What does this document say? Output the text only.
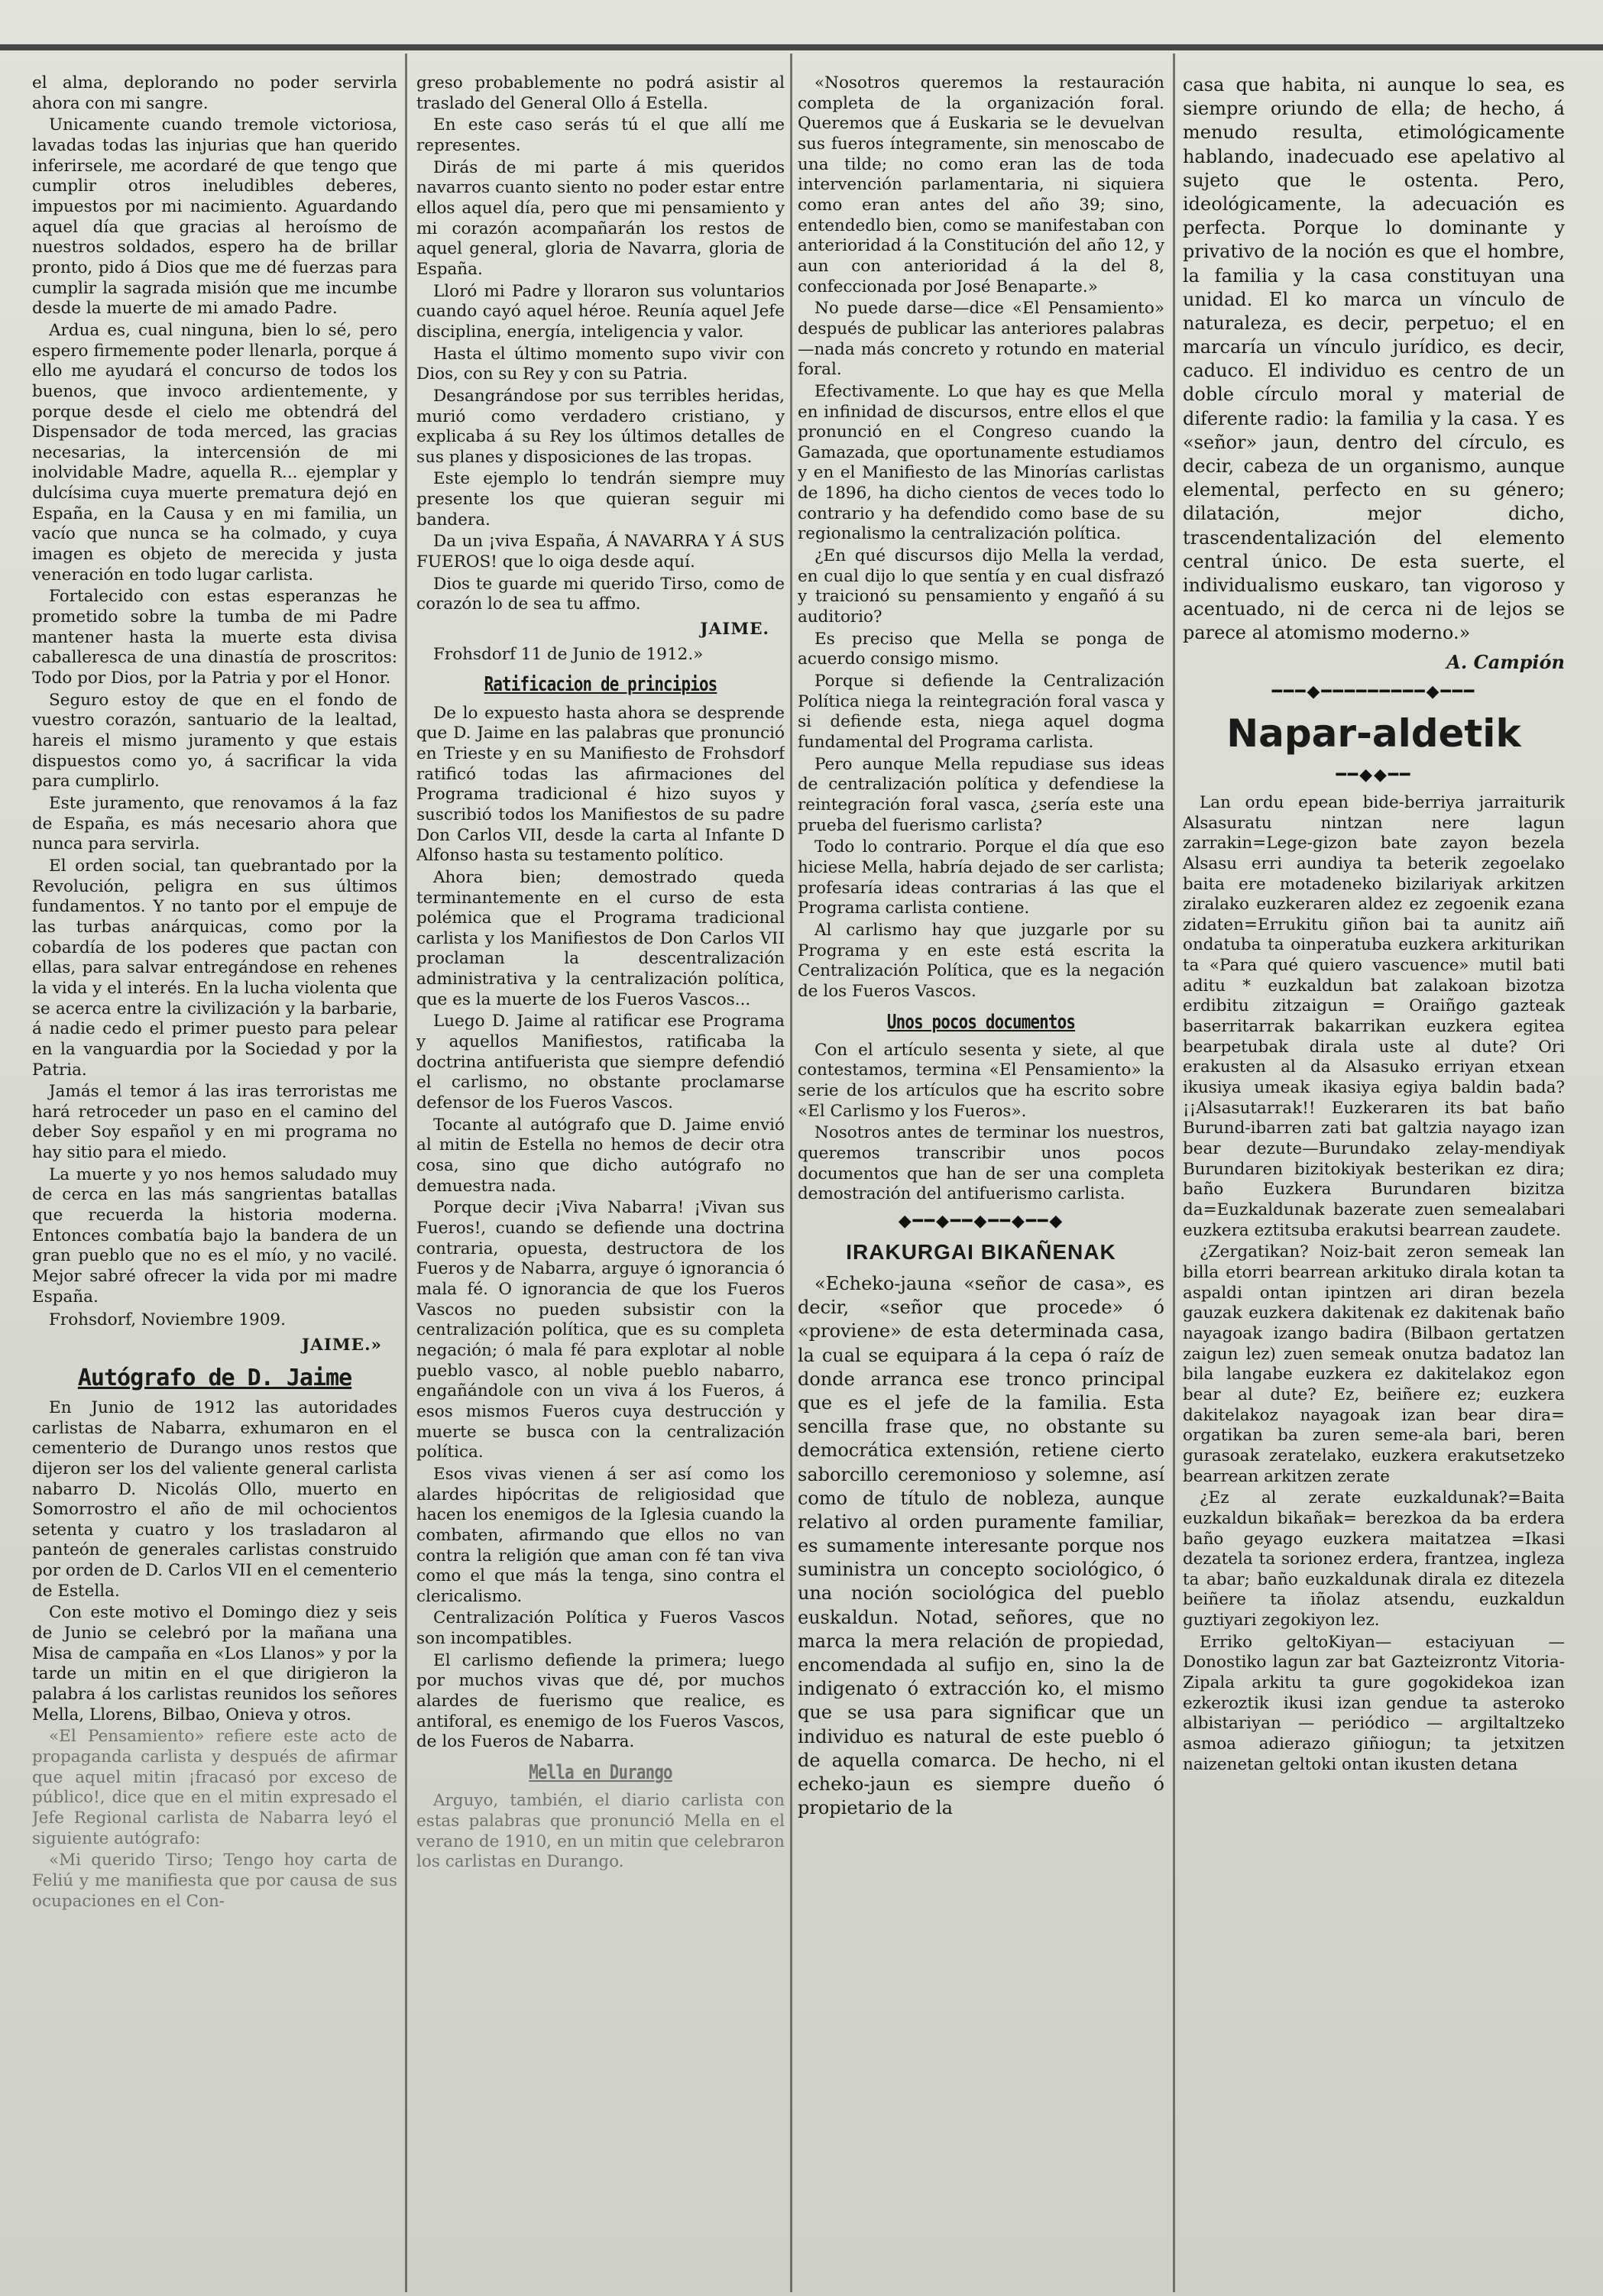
el alma, deplorando no poder servirla ahora con mi sangre.

Unicamente cuando tremole victoriosa, lavadas todas las injurias que han querido inferirsele, me acordaré de que tengo que cumplir otros ineludibles deberes, impuestos por mi nacimiento. Aguardando aquel día que gracias al heroísmo de nuestros soldados, espero ha de brillar pronto, pido á Dios que me dé fuerzas para cumplir la sagrada misión que me incumbe desde la muerte de mi amado Padre.

Ardua es, cual ninguna, bien lo sé, pero espero firmemente poder llenarla, porque á ello me ayudará el concurso de todos los buenos, que invoco ardientemente, y porque desde el cielo me obtendrá del Dispensador de toda merced, las gracias necesarias, la intercensión de mi inolvidable Madre, aquella R... ejemplar y dulcísima cuya muerte prematura dejó en España, en la Causa y en mi familia, un vacío que nunca se ha colmado, y cuya imagen es objeto de merecida y justa veneración en todo lugar carlista.

Fortalecido con estas esperanzas he prometido sobre la tumba de mi Padre mantener hasta la muerte esta divisa caballeresca de una dinastía de proscritos: Todo por Dios, por la Patria y por el Honor.

Seguro estoy de que en el fondo de vuestro corazón, santuario de la lealtad, hareis el mismo juramento y que estais dispuestos como yo, á sacrificar la vida para cumplirlo.

Este juramento, que renovamos á la faz de España, es más necesario ahora que nunca para servirla.

El orden social, tan quebrantado por la Revolución, peligra en sus últimos fundamentos. Y no tanto por el empuje de las turbas anárquicas, como por la cobardía de los poderes que pactan con ellas, para salvar entregándose en rehenes la vida y el interés. En la lucha violenta que se acerca entre la civilización y la barbarie, á nadie cedo el primer puesto para pelear en la vanguardia por la Sociedad y por la Patria.

Jamás el temor á las iras terroristas me hará retroceder un paso en el camino del deber Soy español y en mi programa no hay sitio para el miedo.

La muerte y yo nos hemos saludado muy de cerca en las más sangrientas batallas que recuerda la historia moderna. Entonces combatía bajo la bandera de un gran pueblo que no es el mío, y no vacilé. Mejor sabré ofrecer la vida por mi madre España.

Frohsdorf, Noviembre 1909.

JAIME.»

Autógrafo de D. Jaime

En Junio de 1912 las autoridades carlistas de Nabarra, exhumaron en el cementerio de Durango unos restos que dijeron ser los del valiente general carlista nabarro D. Nicolás Ollo, muerto en Somorrostro el año de mil ochocientos setenta y cuatro y los trasladaron al panteón de generales carlistas construido por orden de D. Carlos VII en el cementerio de Estella.

Con este motivo el Domingo diez y seis de Junio se celebró por la mañana una Misa de campaña en «Los Llanos» y por la tarde un mitin en el que dirigieron la palabra á los carlistas reunidos los señores Mella, Llorens, Bilbao, Onieva y otros.

«El Pensamiento» refiere este acto de propaganda carlista y después de afirmar que aquel mitin ¡fracasó por exceso de público!, dice que en el mitin expresado el Jefe Regional carlista de Nabarra leyó el siguiente autógrafo:

«Mi querido Tirso; Tengo hoy carta de Feliú y me manifiesta que por causa de sus ocupaciones en el Con-

greso probablemente no podrá asistir al traslado del General Ollo á Estella.

En este caso serás tú el que allí me representes.

Dirás de mi parte á mis queridos navarros cuanto siento no poder estar entre ellos aquel día, pero que mi pensamiento y mi corazón acompañarán los restos de aquel general, gloria de Navarra, gloria de España.

Lloró mi Padre y lloraron sus voluntarios cuando cayó aquel héroe. Reunía aquel Jefe disciplina, energía, inteligencia y valor.

Hasta el último momento supo vivir con Dios, con su Rey y con su Patria.

Desangrándose por sus terribles heridas, murió como verdadero cristiano, y explicaba á su Rey los últimos detalles de sus planes y disposiciones de las tropas.

Este ejemplo lo tendrán siempre muy presente los que quieran seguir mi bandera.

Da un ¡viva España, Á NAVARRA Y Á SUS FUEROS! que lo oiga desde aquí.

Dios te guarde mi querido Tirso, como de corazón lo de sea tu affmo.

JAIME.

Frohsdorf 11 de Junio de 1912.»

Ratificacion de principios

De lo expuesto hasta ahora se desprende que D. Jaime en las palabras que pronunció en Trieste y en su Manifiesto de Frohsdorf ratificó todas las afirmaciones del Programa tradicional é hizo suyos y suscribió todos los Manifiestos de su padre Don Carlos VII, desde la carta al Infante D Alfonso hasta su testamento político.

Ahora bien; demostrado queda terminantemente en el curso de esta polémica que el Programa tradicional carlista y los Manifiestos de Don Carlos VII proclaman la descentralización administrativa y la centralización política, que es la muerte de los Fueros Vascos...

Luego D. Jaime al ratificar ese Programa y aquellos Manifiestos, ratificaba la doctrina antifuerista que siempre defendió el carlismo, no obstante proclamarse defensor de los Fueros Vascos.

Tocante al autógrafo que D. Jaime envió al mitin de Estella no hemos de decir otra cosa, sino que dicho autógrafo no demuestra nada.

Porque decir ¡Viva Nabarra! ¡Vivan sus Fueros!, cuando se defiende una doctrina contraria, opuesta, destructora de los Fueros y de Nabarra, arguye ó ignorancia ó mala fé. O ignorancia de que los Fueros Vascos no pueden subsistir con la centralización política, que es su completa negación; ó mala fé para explotar al noble pueblo vasco, al noble pueblo nabarro, engañándole con un viva á los Fueros, á esos mismos Fueros cuya destrucción y muerte se busca con la centralización política.

Esos vivas vienen á ser así como los alardes hipócritas de religiosidad que hacen los enemigos de la Iglesia cuando la combaten, afirmando que ellos no van contra la religión que aman con fé tan viva como el que más la tenga, sino contra el clericalismo.

Centralización Política y Fueros Vascos son incompatibles.

El carlismo defiende la primera; luego por muchos vivas que dé, por muchos alardes de fuerismo que realice, es antiforal, es enemigo de los Fueros Vascos, de los Fueros de Nabarra.

Mella en Durango

Arguyo, también, el diario carlista con estas palabras que pronunció Mella en el verano de 1910, en un mitin que celebraron los carlistas en Durango.

«Nosotros queremos la restauración completa de la organización foral. Queremos que á Euskaria se le devuelvan sus fueros íntegramente, sin menoscabo de una tilde; no como eran las de toda intervención parlamentaria, ni siquiera como eran antes del año 39; sino, entendedlo bien, como se manifestaban con anterioridad á la Constitución del año 12, y aun con anterioridad á la del 8, confeccionada por José Benaparte.»

No puede darse—dice «El Pensamiento» después de publicar las anteriores palabras—nada más concreto y rotundo en material foral.

Efectivamente. Lo que hay es que Mella en infinidad de discursos, entre ellos el que pronunció en el Congreso cuando la Gamazada, que oportunamente estudiamos y en el Manifiesto de las Minorías carlistas de 1896, ha dicho cientos de veces todo lo contrario y ha defendido como base de su regionalismo la centralización política.

¿En qué discursos dijo Mella la verdad, en cual dijo lo que sentía y en cual disfrazó y traicionó su pensamiento y engañó á su auditorio?

Es preciso que Mella se ponga de acuerdo consigo mismo.

Porque si defiende la Centralización Política niega la reintegración foral vasca y si defiende esta, niega aquel dogma fundamental del Programa carlista.

Pero aunque Mella repudiase sus ideas de centralización política y defendiese la reintegración foral vasca, ¿sería este una prueba del fuerismo carlista?

Todo lo contrario. Porque el día que eso hiciese Mella, habría dejado de ser carlista; profesaría ideas contrarias á las que el Programa carlista contiene.

Al carlismo hay que juzgarle por su Programa y en este está escrita la Centralización Política, que es la negación de los Fueros Vascos.

Unos pocos documentos

Con el artículo sesenta y siete, al que contestamos, termina «El Pensamiento» la serie de los artículos que ha escrito sobre «El Carlismo y los Fueros».

Nosotros antes de terminar los nuestros, queremos transcribir unos pocos documentos que han de ser una completa demostración del antifuerismo carlista.

◆━━◆━━◆━━◆━━◆
IRAKURGAI BIKAÑENAK

«Echeko-jauna «señor de casa», es decir, «señor que procede» ó «proviene» de esta determinada casa, la cual se equipara á la cepa ó raíz de donde arranca ese tronco principal que es el jefe de la familia. Esta sencilla frase que, no obstante su democrática extensión, retiene cierto saborcillo ceremonioso y solemne, así como de título de nobleza, aunque relativo al orden puramente familiar, es sumamente interesante porque nos suministra un concepto sociológico, ó una noción sociológica del pueblo euskaldun. Notad, señores, que no marca la mera relación de propiedad, encomendada al sufijo en, sino la de indigenato ó extracción ko, el mismo que se usa para significar que un individuo es natural de este pueblo ó de aquella comarca. De hecho, ni el echeko-jaun es siempre dueño ó propietario de la

casa que habita, ni aunque lo sea, es siempre oriundo de ella; de hecho, á menudo resulta, etimológicamente hablando, inadecuado ese apelativo al sujeto que le ostenta. Pero, ideológicamente, la adecuación es perfecta. Porque lo dominante y privativo de la noción es que el hombre, la familia y la casa constituyan una unidad. El ko marca un vínculo de naturaleza, es decir, perpetuo; el en marcaría un vínculo jurídico, es decir, caduco. El individuo es centro de un doble círculo moral y material de diferente radio: la familia y la casa. Y es «señor» jaun, dentro del círculo, es decir, cabeza de un organismo, aunque elemental, perfecto en su género; dilatación, mejor dicho, trascendentalización del elemento central único. De esta suerte, el individualismo euskaro, tan vigoroso y acentuado, ni de cerca ni de lejos se parece al atomismo moderno.»

A. Campión

━━━◆━━━━━━━━━◆━━━
Napar-aldetik
━━◆◆━━

Lan ordu epean bide-berriya jarraiturik Alsasuratu nintzan nere lagun zarrakin=Lege-gizon bate zayon bezela Alsasu erri aundiya ta beterik zegoelako baita ere motadeneko bizilariyak arkitzen ziralako euzkeraren aldez ez zegoenik ezana zidaten=Errukitu giñon bai ta aunitz aiñ ondatuba ta oinperatuba euzkera arkiturikan ta «Para qué quiero vascuence» mutil bati aditu * euzkaldun bat zalakoan bizotza erdibitu zitzaigun = Oraiñgo gazteak baserritarrak bakarrikan euzkera egitea bearpetubak dirala uste al dute? Ori erakusten al da Alsasuko erriyan etxean ikusiya umeak ikasiya egiya baldin bada? ¡¡Alsasutarrak!! Euzkeraren its bat baño Burund-ibarren zati bat galtzia nayago izan bear dezute—Burundako zelay-mendiyak Burundaren bizitokiyak besterikan ez dira; baño Euzkera Burundaren bizitza da=Euzkaldunak bazerate zuen semealabari euzkera eztitsuba erakutsi bearrean zaudete.

¿Zergatikan? Noiz-bait zeron semeak lan billa etorri bearrean arkituko dirala kotan ta aspaldi ontan ipintzen ari diran bezela gauzak euzkera dakitenak ez dakitenak baño nayagoak izango badira (Bilbaon gertatzen zaigun lez) zuen semeak onutza badatoz lan bila langabe euzkera ez dakitelakoz egon bear al dute? Ez, beiñere ez; euzkera dakitelakoz nayagoak izan bear dira= orgatikan ba zuren seme-ala bari, beren gurasoak zeratelako, euzkera erakutsetzeko bearrean arkitzen zerate

¿Ez al zerate euzkaldunak?=Baita euzkaldun bikañak= berezkoa da ba erdera baño geyago euzkera maitatzea =Ikasi dezatela ta sorionez erdera, frantzea, ingleza ta abar; baño euzkaldunak dirala ez ditezela beiñere ta iñolaz atsendu, euzkaldun guztiyari zegokiyon lez.

Erriko geltoKiyan— estaciyuan — Donostiko lagun zar bat Gazteizrontz Vitoria-Zipala arkitu ta gure gogokidekoa izan ezkeroztik ikusi izan gendue ta asteroko albistariyan — periódico — argiltaltzeko asmoa adierazo giñiogun; ta jetxitzen naizenetan geltoki ontan ikusten detana
